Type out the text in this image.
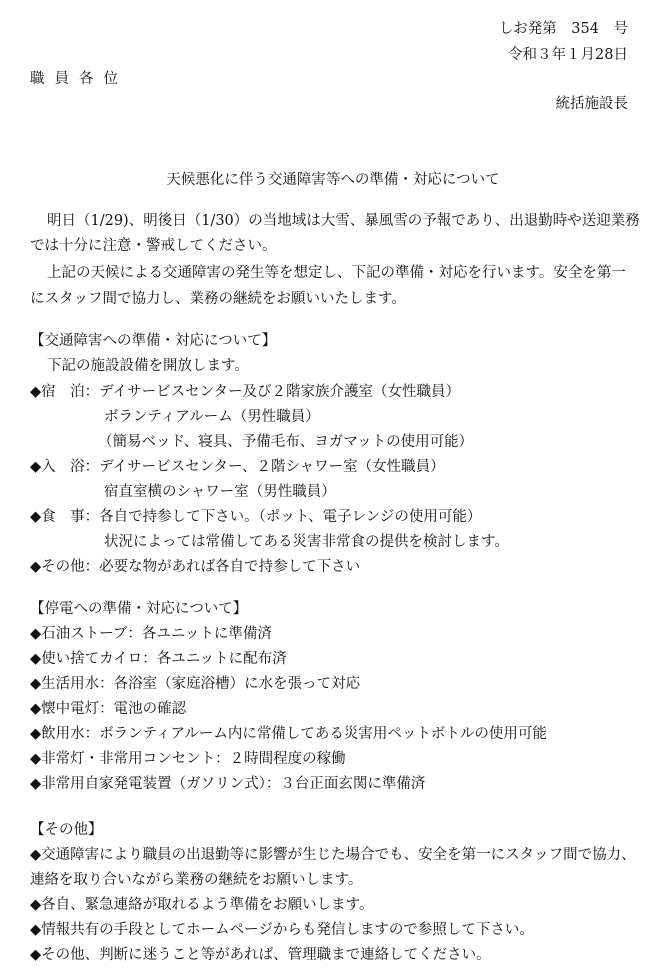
しお発第　354　号
令和３年１月28日
職員各位
統括施設長
天候悪化に伴う交通障害等への準備・対応について
明日（1/29)、明後日（1/30）の当地域は大雪、暴風雪の予報であり、出退勤時や送迎業務
では十分に注意・警戒してください。
上記の天候による交通障害の発生等を想定し、下記の準備・対応を行います。安全を第一
にスタッフ間で協力し、業務の継続をお願いいたします。
【交通障害への準備・対応について】
下記の施設設備を開放します。
◆宿　泊：デイサービスセンター及び２階家族介護室（女性職員）
ボランティアルーム（男性職員）
（簡易ベッド、寝具、予備毛布、ヨガマットの使用可能）
◆入　浴：デイサービスセンター、２階シャワー室（女性職員）
宿直室横のシャワー室（男性職員）
◆食　事：各自で持参して下さい。（ポット、電子レンジの使用可能）
状況によっては常備してある災害非常食の提供を検討します。
◆その他：必要な物があれば各自で持参して下さい
【停電への準備・対応について】
◆石油ストーブ：各ユニットに準備済
◆使い捨てカイロ：各ユニットに配布済
◆生活用水：各浴室（家庭浴槽）に水を張って対応
◆懐中電灯：電池の確認
◆飲用水：ボランティアルーム内に常備してある災害用ペットボトルの使用可能
◆非常灯・非常用コンセント：２時間程度の稼働
◆非常用自家発電装置（ガソリン式）：３台正面玄関に準備済
【その他】
◆交通障害により職員の出退勤等に影響が生じた場合でも、安全を第一にスタッフ間で協力、
連絡を取り合いながら業務の継続をお願いします。
◆各自、緊急連絡が取れるよう準備をお願いします。
◆情報共有の手段としてホームページからも発信しますので参照して下さい。
◆その他、判断に迷うこと等があれば、管理職まで連絡してください。
